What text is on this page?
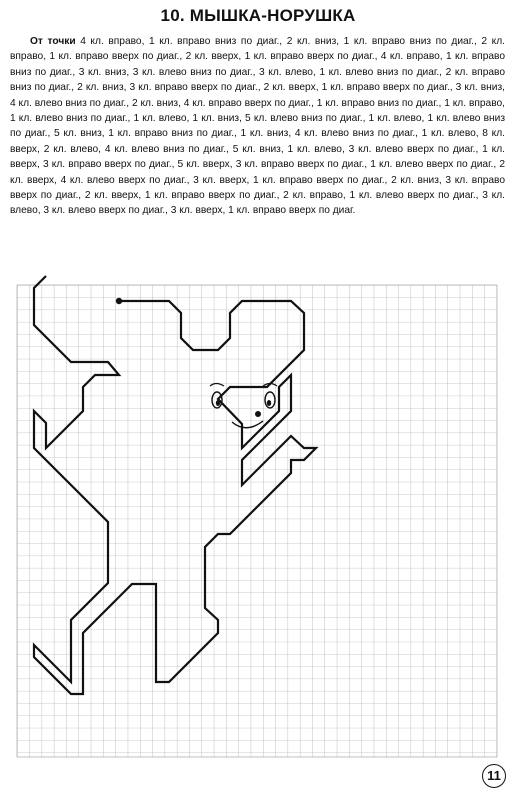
10. МЫШКА-НОРУШКА
От точки 4 кл. вправо, 1 кл. вправо вниз по диаг., 2 кл. вниз, 1 кл. вправо вниз по диаг., 2 кл. вправо, 1 кл. вправо вверх по диаг., 2 кл. вверх, 1 кл. вправо вверх по диаг., 4 кл. вправо, 1 кл. вправо вниз по диаг., 3 кл. вниз, 3 кл. влево вниз по диаг., 3 кл. влево, 1 кл. влево вниз по диаг., 2 кл. вправо вниз по диаг., 2 кл. вниз, 3 кл. вправо вверх по диаг., 2 кл. вверх, 1 кл. вправо вверх по диаг., 3 кл. вниз, 4 кл. влево вниз по диаг., 2 кл. вниз, 4 кл. вправо вверх по диаг., 1 кл. вправо вниз по диаг., 1 кл. вправо, 1 кл. влево вниз по диаг., 1 кл. влево, 1 кл. вниз, 5 кл. влево вниз по диаг., 1 кл. влево, 1 кл. влево вниз по диаг., 5 кл. вниз, 1 кл. вправо вниз по диаг., 1 кл. вниз, 4 кл. влево вниз по диаг., 1 кл. влево, 8 кл. вверх, 2 кл. влево, 4 кл. влево вниз по диаг., 5 кл. вниз, 1 кл. влево, 3 кл. влево вверх по диаг., 1 кл. вверх, 3 кл. вправо вверх по диаг., 5 кл. вверх, 3 кл. вправо вверх по диаг., 1 кл. влево вверх по диаг., 2 кл. вверх, 4 кл. влево вверх по диаг., 3 кл. вверх, 1 кл. вправо вверх по диаг., 2 кл. вниз, 3 кл. вправо вверх по диаг., 2 кл. вверх, 1 кл. вправо вверх по диаг., 2 кл. вправо, 1 кл. влево вверх по диаг., 3 кл. влево, 3 кл. влево вверх по диаг., 3 кл. вверх, 1 кл. вправо вверх по диаг.
11
